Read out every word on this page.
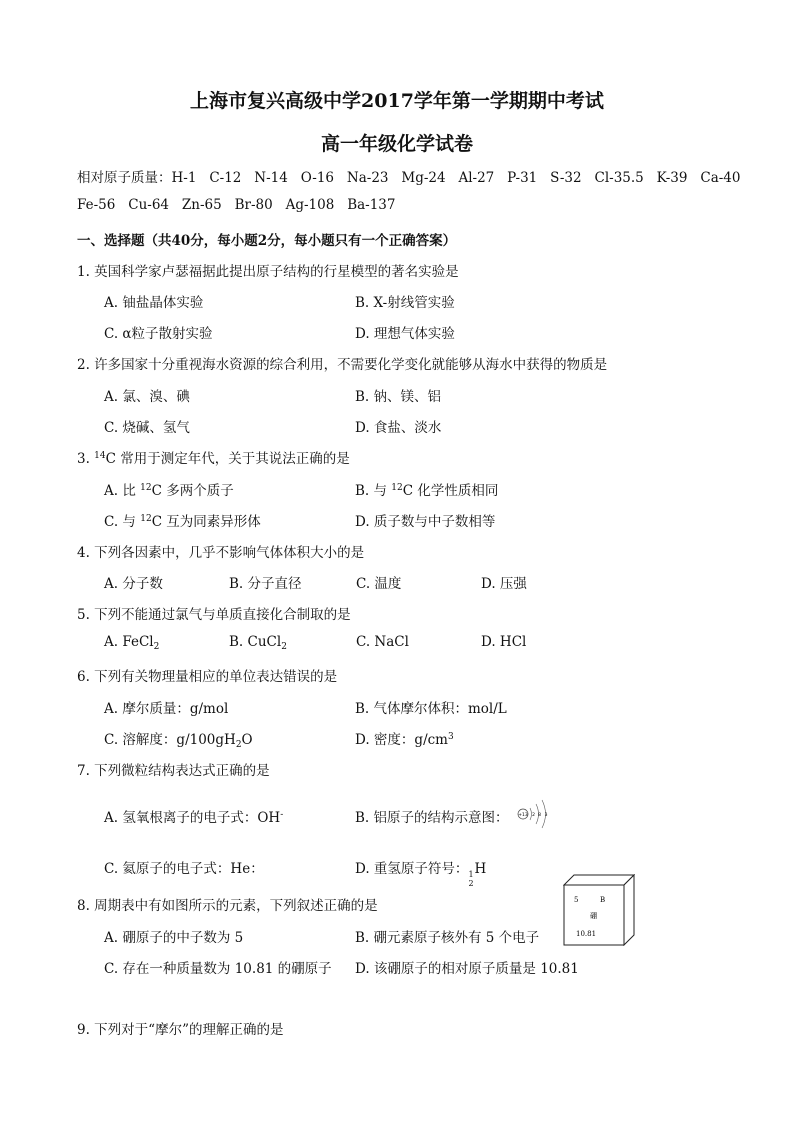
上海市复兴高级中学2017学年第一学期期中考试
高一年级化学试卷
相对原子质量：H-1 C-12 N-14 O-16 Na-23 Mg-24 Al-27 P-31 S-32 Cl-35.5 K-39 Ca-40
Fe-56 Cu-64 Zn-65 Br-80 Ag-108 Ba-137
一、选择题（共40分，每小题2分，每小题只有一个正确答案）
1. 英国科学家卢瑟福据此提出原子结构的行星模型的著名实验是
A. 铀盐晶体实验	B. X-射线管实验
C. α粒子散射实验	D. 理想气体实验
2. 许多国家十分重视海水资源的综合利用，不需要化学变化就能够从海水中获得的物质是
A. 氯、溴、碘	B. 钠、镁、铝
C. 烧碱、氢气	D. 食盐、淡水
3. $^{14}$C 常用于测定年代，关于其说法正确的是
A. 比 $^{12}$C 多两个质子	B. 与 $^{12}$C 化学性质相同
C. 与 $^{12}$C 互为同素异形体	D. 质子数与中子数相等
4. 下列各因素中，几乎不影响气体体积大小的是
A. 分子数	B. 分子直径	C. 温度	D. 压强
5. 下列不能通过氯气与单质直接化合制取的是
A. FeCl$_2$	B. CuCl$_2$	C. NaCl	D. HCl
6. 下列有关物理量相应的单位表达错误的是
A. 摩尔质量：g/mol	B. 气体摩尔体积：mol/L
C. 溶解度：$g/100gH_2O$	D. 密度：$g/cm^3$
7. 下列微粒结构表达式正确的是
A. 氢氧根离子的电子式：OH-	B. 铝原子的结构示意图： +13 2 8 3
C. 氦原子的电子式：He：	D. 重氢原子符号： 1
2
H
8. 周期表中有如图所示的元素，下列叙述正确的是
A. 硼原子的中子数为 5	B. 硼元素原子核外有 5 个电子
C. 存在一种质量数为 10.81 的硼原子 D. 该硼原子的相对原子质量是 10.81
5	B
硼
10.81
9. 下列对于“摩尔”的理解正确的是
